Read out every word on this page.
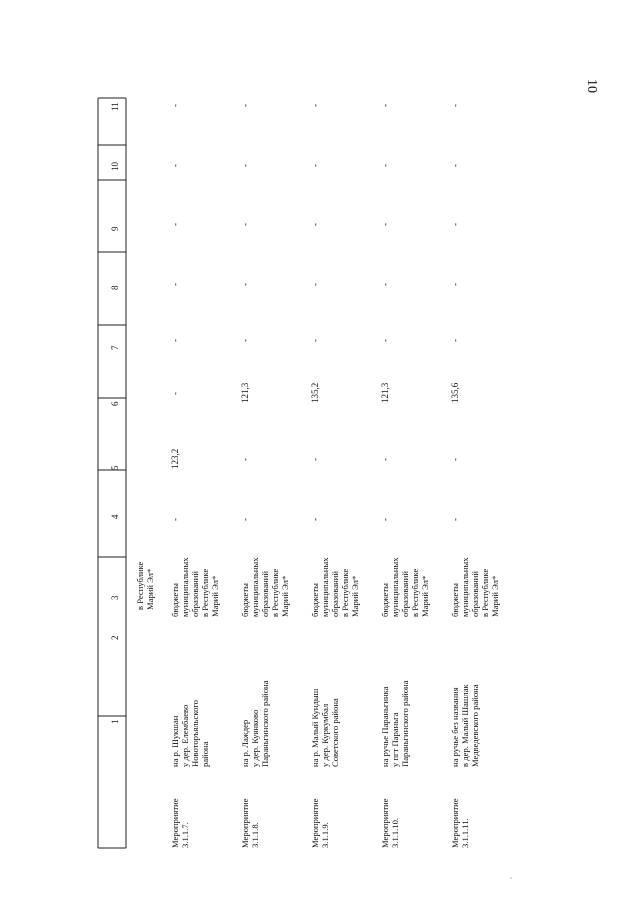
10
1
2
3
4
5
6
7
8
9
10
11
в Республике Марий Эл*
Мероприятие 3.1.1.7.
на р. Шукшан у дер. Елембаево Новоторъяльского района
бюджеты муниципальных образований в Республике Марий Эл*
-
123,2
-
-
-
-
-
-
Мероприятие 3.1.1.8.
на р. Лаждер у дер. Куянково Параньгинского района
бюджеты муниципальных образований в Республике Марий Эл*
-
-
121,3
-
-
-
-
-
Мероприятие 3.1.1.9.
на р. Малый Кундыш у дер. Куркумбал Советского района
бюджеты муниципальных образований в Республике Марий Эл*
-
-
135,2
-
-
-
-
-
Мероприятие 3.1.1.10.
на ручье Параньгинка у пгт Параньга Параньгинского района
бюджеты муниципальных образований в Республике Марий Эл*
-
-
121,3
-
-
-
-
-
Мероприятие 3.1.1.11.
на ручье без названия в дер. Малый Шашлак Медведевского района
бюджеты муниципальных образований в Республике Марий Эл*
-
-
135,6
-
-
-
-
-
